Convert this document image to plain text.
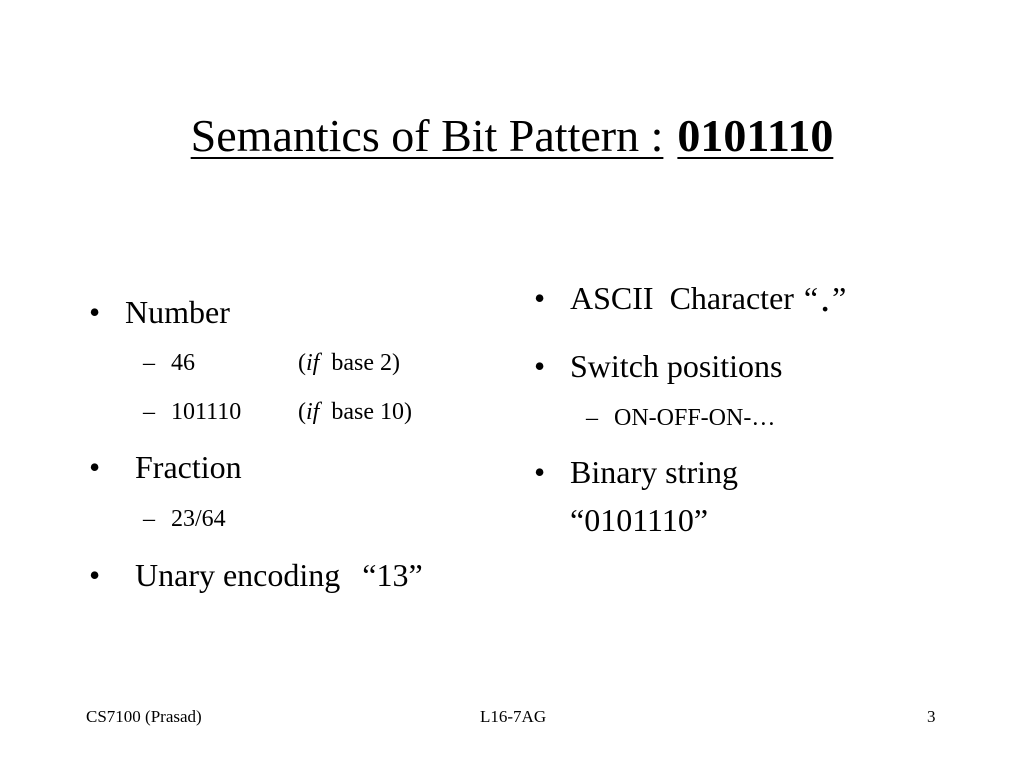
Semantics of Bit Pattern : 0101110
• Number
– 46	(if base 2)
– 101110 (if base 10)
• Fraction
– 23/64
• Unary encoding “13”
• ASCII  Character “.”
• Switch positions
– ON-OFF-ON-…
• Binary string
“0101110”
CS7100 (Prasad)	L16-7AG	3
